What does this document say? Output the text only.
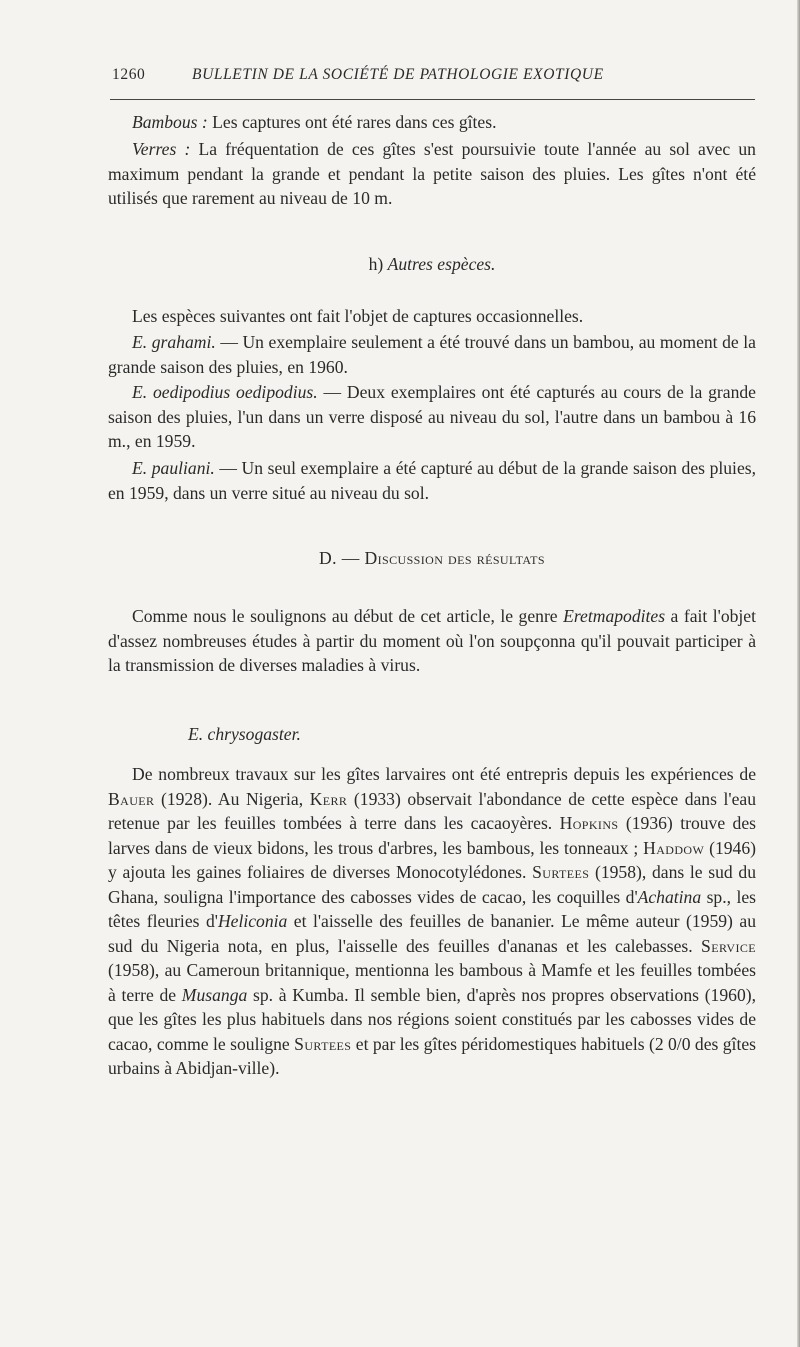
1260	BULLETIN DE LA SOCIÉTÉ DE PATHOLOGIE EXOTIQUE

Bambous : Les captures ont été rares dans ces gîtes.

Verres : La fréquentation de ces gîtes s'est poursuivie toute l'année au sol avec un maximum pendant la grande et pendant la petite saison des pluies. Les gîtes n'ont été utilisés que rarement au niveau de 10 m.

h) Autres espèces.

Les espèces suivantes ont fait l'objet de captures occasionnelles.

E. grahami. — Un exemplaire seulement a été trouvé dans un bambou, au moment de la grande saison des pluies, en 1960.

E. oedipodius oedipodius. — Deux exemplaires ont été capturés au cours de la grande saison des pluies, l'un dans un verre disposé au niveau du sol, l'autre dans un bambou à 16 m., en 1959.

E. pauliani. — Un seul exemplaire a été capturé au début de la grande saison des pluies, en 1959, dans un verre situé au niveau du sol.

D. — Discussion des résultats

Comme nous le soulignons au début de cet article, le genre Eretmapodites a fait l'objet d'assez nombreuses études à partir du moment où l'on soupçonna qu'il pouvait participer à la transmission de diverses maladies à virus.

E. chrysogaster.

De nombreux travaux sur les gîtes larvaires ont été entrepris depuis les expériences de Bauer (1928). Au Nigeria, Kerr (1933) observait l'abondance de cette espèce dans l'eau retenue par les feuilles tombées à terre dans les cacaoyères. Hopkins (1936) trouve des larves dans de vieux bidons, les trous d'arbres, les bambous, les tonneaux ; Haddow (1946) y ajouta les gaines foliaires de diverses Monocotylédones. Surtees (1958), dans le sud du Ghana, souligna l'importance des cabosses vides de cacao, les coquilles d'Achatina sp., les têtes fleuries d'Heliconia et l'aisselle des feuilles de bananier. Le même auteur (1959) au sud du Nigeria nota, en plus, l'aisselle des feuilles d'ananas et les calebasses. Service (1958), au Cameroun britannique, mentionna les bambous à Mamfe et les feuilles tombées à terre de Musanga sp. à Kumba. Il semble bien, d'après nos propres observations (1960), que les gîtes les plus habituels dans nos régions soient constitués par les cabosses vides de cacao, comme le souligne Surtees et par les gîtes péridomestiques habituels (2 0/0 des gîtes urbains à Abidjan-ville).
